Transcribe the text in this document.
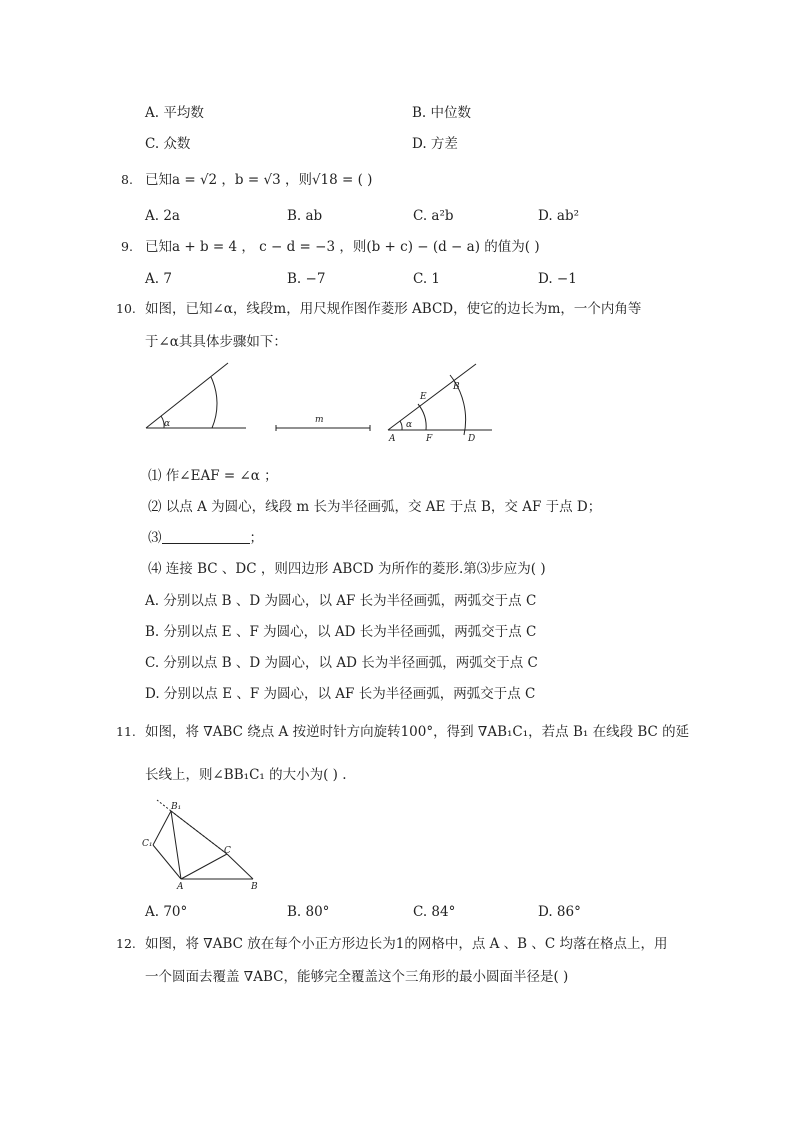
A. 平均数	B. 中位数
C. 众数	D. 方差
8. 已知a = √2 ，b = √3 ，则√18 = ( )
A. 2a	B. ab	C. a²b	D. ab²
9. 已知a + b = 4 ， c − d = −3 ，则(b + c) − (d − a) 的值为( )
A. 7	B. −7	C. 1	D. −1
10. 如图，已知∠α，线段m，用尺规作图作菱形 ABCD，使它的边长为m，一个内角等
于∠α其具体步骤如下：
α	m
E
B
α
A	F	D
⑴ 作∠EAF = ∠α ；
⑵ 以点 A 为圆心，线段 m 长为半径画弧，交 AE 于点 B，交 AF 于点 D；
⑶	；
⑷ 连接 BC 、DC ，则四边形 ABCD 为所作的菱形.第⑶步应为( )
A. 分别以点 B 、D 为圆心，以 AF 长为半径画弧，两弧交于点 C
B. 分别以点 E 、F 为圆心，以 AD 长为半径画弧，两弧交于点 C
C. 分别以点 B 、D 为圆心，以 AD 长为半径画弧，两弧交于点 C
D. 分别以点 E 、F 为圆心，以 AF 长为半径画弧，两弧交于点 C
11. 如图，将 ∇ABC 绕点 A 按逆时针方向旋转100°，得到 ∇AB₁C₁，若点 B₁ 在线段 BC 的延
长线上，则∠BB₁C₁ 的大小为( ) .
B₁
C₁
C
A	B
A. 70°	B. 80°	C. 84°	D. 86°
12. 如图，将 ∇ABC 放在每个小正方形边长为1的网格中，点 A 、B 、C 均落在格点上，用
一个圆面去覆盖 ∇ABC，能够完全覆盖这个三角形的最小圆面半径是( )
